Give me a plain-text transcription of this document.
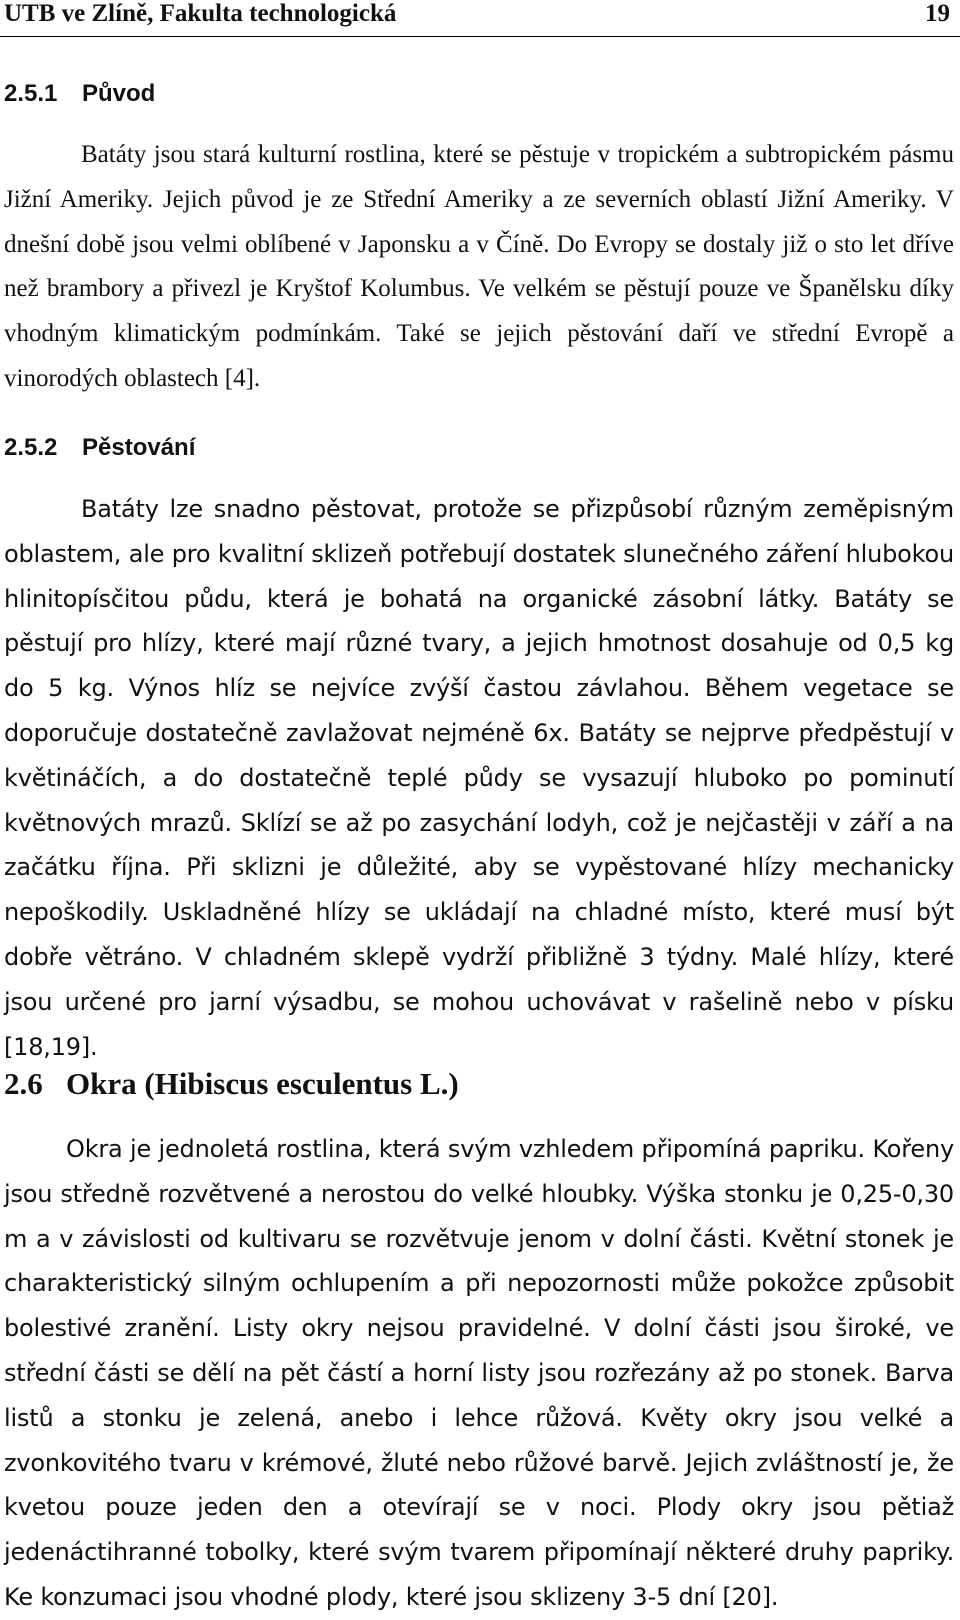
UTB ve Zlíně, Fakulta technologická	19
2.5.1 Původ

Batáty jsou stará kulturní rostlina, které se pěstuje v tropickém a subtropickém pásmu Jižní Ameriky. Jejich původ je ze Střední Ameriky a ze severních oblastí Jižní Ameriky. V dnešní době jsou velmi oblíbené v Japonsku a v Číně. Do Evropy se dostaly již o sto let dříve než brambory a přivezl je Kryštof Kolumbus. Ve velkém se pěstují pouze ve Španělsku díky vhodným klimatickým podmínkám. Také se jejich pěstování daří ve střední Evropě a vinorodých oblastech [4].

2.5.2 Pěstování

Batáty lze snadno pěstovat, protože se přizpůsobí různým zeměpisným oblastem, ale pro kvalitní sklizeň potřebují dostatek slunečného záření hlubokou hlinitopísčitou půdu, která je bohatá na organické zásobní látky. Batáty se pěstují pro hlízy, které mají různé tvary, a jejich hmotnost dosahuje od 0,5 kg do 5 kg. Výnos hlíz se nejvíce zvýší častou závlahou. Během vegetace se doporučuje dostatečně zavlažovat nejméně 6x. Batáty se nejprve předpěstují v květináčích, a do dostatečně teplé půdy se vysazují hluboko po pominutí květnových mrazů. Sklízí se až po zasychání lodyh, což je nejčastěji v září a na začátku října. Při sklizni je důležité, aby se vypěstované hlízy mechanicky nepoškodily. Uskladněné hlízy se ukládají na chladné místo, které musí být dobře větráno. V chladném sklepě vydrží přibližně 3 týdny. Malé hlízy, které jsou určené pro jarní výsadbu, se mohou uchovávat v rašelině nebo v písku [18,19].

2.6 Okra (Hibiscus esculentus L.)

Okra je jednoletá rostlina, která svým vzhledem připomíná papriku. Kořeny jsou středně rozvětvené a nerostou do velké hloubky. Výška stonku je 0,25-0,30 m a v závislosti od kultivaru se rozvětvuje jenom v dolní části. Květní stonek je charakteristický silným ochlupením a při nepozornosti může pokožce způsobit bolestivé zranění. Listy okry nejsou pravidelné. V dolní části jsou široké, ve střední části se dělí na pět částí a horní listy jsou rozřezány až po stonek. Barva listů a stonku je zelená, anebo i lehce růžová. Květy okry jsou velké a zvonkovitého tvaru v krémové, žluté nebo růžové barvě. Jejich zvláštností je, že kvetou pouze jeden den a otevírají se v noci. Plody okry jsou pětiaž jedenáctihranné tobolky, které svým tvarem připomínají některé druhy papriky. Ke konzumaci jsou vhodné plody, které jsou sklizeny 3-5 dní [20].
